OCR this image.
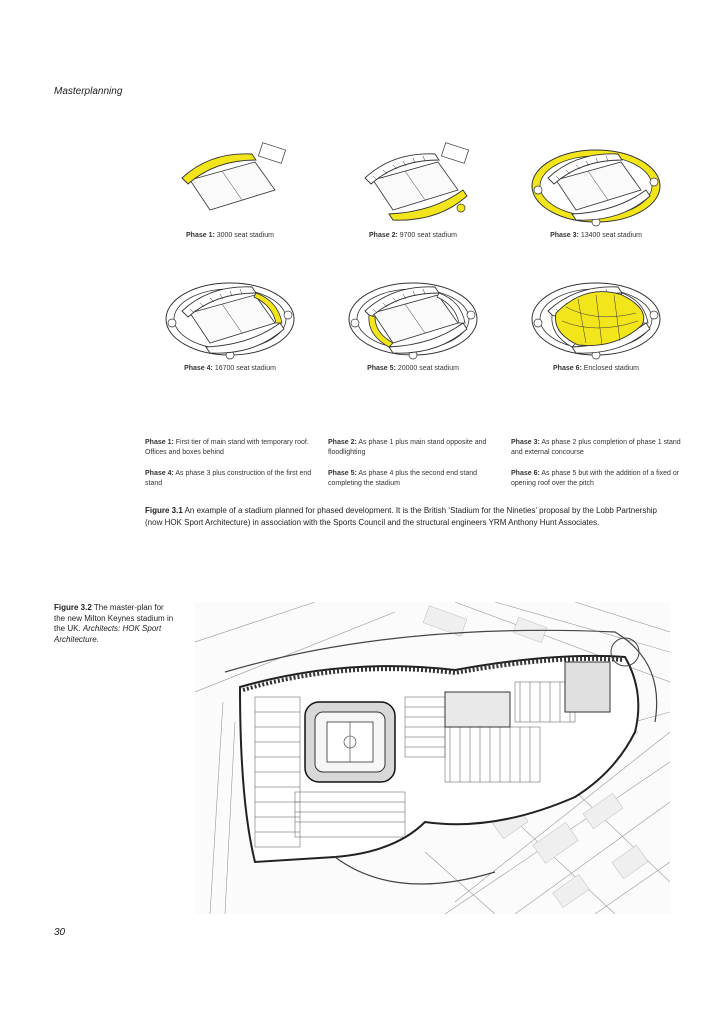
Masterplanning
Phase 1: 3000 seat stadium	Phase 2: 9700 seat stadium	Phase 3: 13400 seat stadium
Phase 4: 16700 seat stadium	Phase 5: 20000 seat stadium	Phase 6: Enclosed stadium
Phase 1: First tier of main stand with temporary roof. Offices and boxes behind
Phase 2: As phase 1 plus main stand opposite and floodlighting
Phase 3: As phase 2 plus completion of phase 1 stand and external concourse
Phase 4: As phase 3 plus construction of the first end stand
Phase 5: As phase 4 plus the second end stand completing the stadium
Phase 6: As phase 5 but with the addition of a fixed or opening roof over the pitch
Figure 3.1 An example of a stadium planned for phased development. It is the British ‘Stadium for the Nineties’ proposal by the Lobb Partnership (now HOK Sport Architecture) in association with the Sports Council and the structural engineers YRM Anthony Hunt Associates.
Figure 3.2 The master-plan for the new Milton Keynes stadium in the UK. Architects: HOK Sport Architecture.
30
